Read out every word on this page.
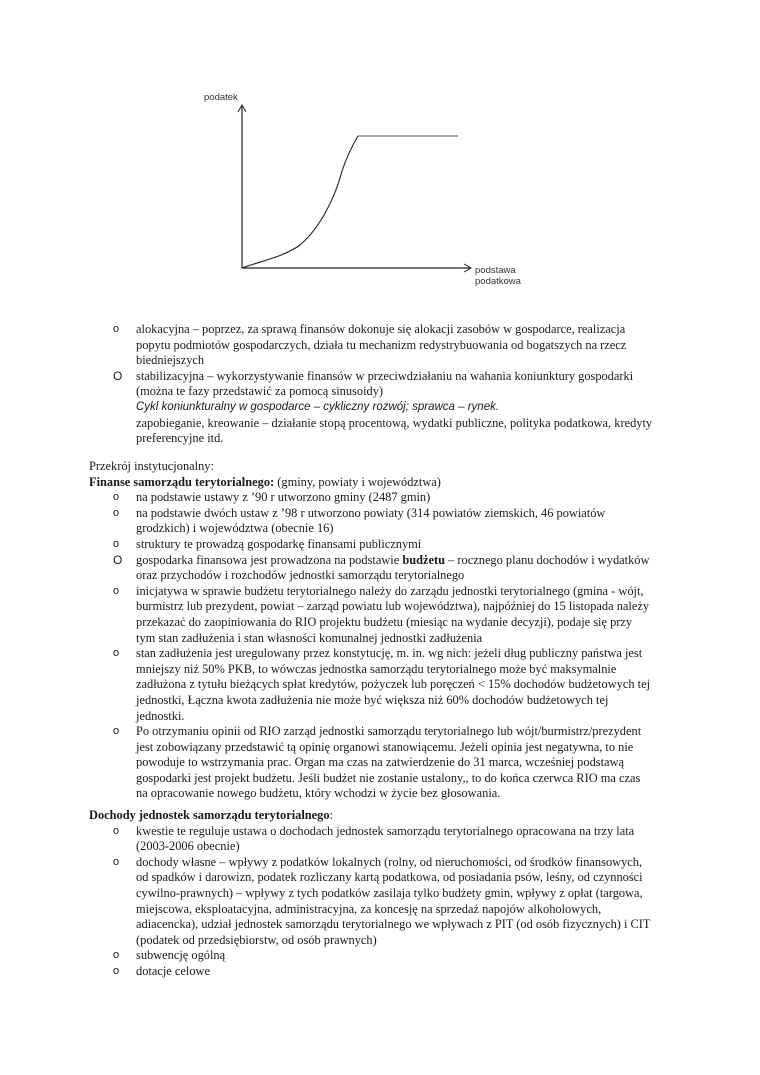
podatek
podstawa
podatkowa
o alokacyjna – poprzez, za sprawą finansów dokonuje się alokacji zasobów w gospodarce, realizacja
popytu podmiotów gospodarczych, działa tu mechanizm redystrybuowania od bogatszych na rzecz
biedniejszych
O stabilizacyjna – wykorzystywanie finansów w przeciwdziałaniu na wahania koniunktury gospodarki
(można te fazy przedstawić za pomocą sinusoidy)
Cykl koniunkturalny w gospodarce – cykliczny rozwój; sprawca – rynek.
zapobieganie, kreowanie – działanie stopą procentową, wydatki publiczne, polityka podatkowa, kredyty
preferencyjne itd.
Przekrój instytucjonalny:
Finanse samorządu terytorialnego: (gminy, powiaty i województwa)
o na podstawie ustawy z ’90 r utworzono gminy (2487 gmin)
o na podstawie dwóch ustaw z ’98 r utworzono powiaty (314 powiatów ziemskich, 46 powiatów
grodzkich) i województwa (obecnie 16)
o struktury te prowadzą gospodarkę finansami publicznymi
O gospodarka finansowa jest prowadzona na podstawie budżetu – rocznego planu dochodów i wydatków
oraz przychodów i rozchodów jednostki samorządu terytorialnego
o inicjatywa w sprawie budżetu terytorialnego należy do zarządu jednostki terytorialnego (gmina - wójt,
burmistrz lub prezydent, powiat – zarząd powiatu lub województwa), najpóźniej do 15 listopada należy
przekazać do zaopiniowania do RIO projektu budżetu (miesiąc na wydanie decyzji), podaje się przy
tym stan zadłużenia i stan własności komunalnej jednostki zadłużenia
o stan zadłużenia jest uregulowany przez konstytucję, m. in. wg nich: jeżeli dług publiczny państwa jest
mniejszy niż 50% PKB, to wówczas jednostka samorządu terytorialnego może być maksymalnie
zadłużona z tytułu bieżących spłat kredytów, pożyczek lub poręczeń < 15% dochodów budżetowych tej
jednostki, Łączna kwota zadłużenia nie może być większa niż 60% dochodów budżetowych tej
jednostki.
o Po otrzymaniu opinii od RIO zarząd jednostki samorządu terytorialnego lub wójt/burmistrz/prezydent
jest zobowiązany przedstawić tą opinię organowi stanowiącemu. Jeżeli opinia jest negatywna, to nie
powoduje to wstrzymania prac. Organ ma czas na zatwierdzenie do 31 marca, wcześniej podstawą
gospodarki jest projekt budżetu. Jeśli budżet nie zostanie ustalony,, to do końca czerwca RIO ma czas
na opracowanie nowego budżetu, który wchodzi w życie bez głosowania.
Dochody jednostek samorządu terytorialnego:
o kwestie te reguluje ustawa o dochodach jednostek samorządu terytorialnego opracowana na trzy lata
(2003-2006 obecnie)
o dochody własne – wpływy z podatków lokalnych (rolny, od nieruchomości, od środków finansowych,
od spadków i darowizn, podatek rozliczany kartą podatkowa, od posiadania psów, leśny, od czynności
cywilno-prawnych) – wpływy z tych podatków zasilaja tylko budżety gmin, wpływy z opłat (targowa,
miejscowa, eksploatacyjna, administracyjna, za koncesję na sprzedaż napojów alkoholowych,
adiacencka), udział jednostek samorządu terytorialnego we wpływach z PIT (od osób fizycznych) i CIT
(podatek od przedsiębiorstw, od osób prawnych)
o subwencję ogólną
o dotacje celowe
